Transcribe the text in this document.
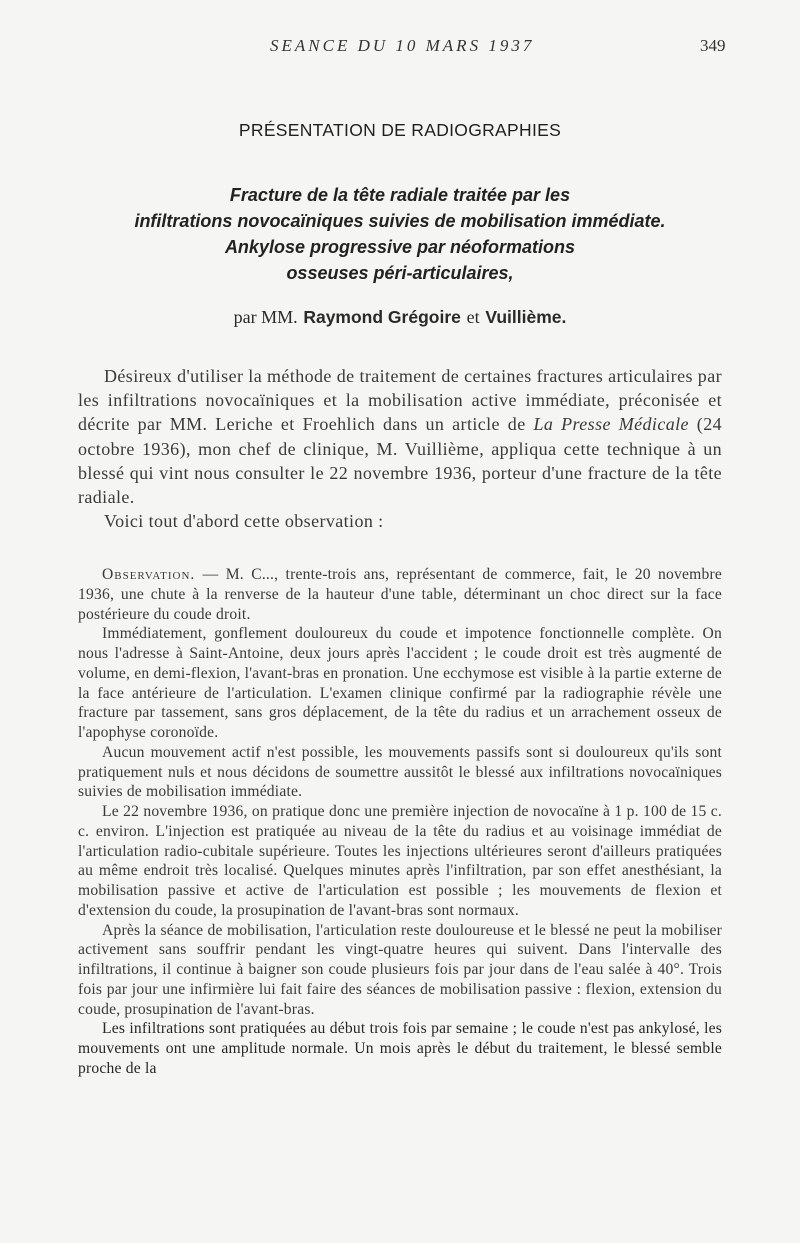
SEANCE DU 10 MARS 1937	349
PRÉSENTATION DE RADIOGRAPHIES
Fracture de la tête radiale traitée par les
infiltrations novocaïniques suivies de mobilisation immédiate.
Ankylose progressive par néoformations
osseuses péri-articulaires,
par MM. Raymond Grégoire et Vuillième.

Désireux d'utiliser la méthode de traitement de certaines fractures articulaires par les infiltrations novocaïniques et la mobilisation active immédiate, préconisée et décrite par MM. Leriche et Froehlich dans un article de La Presse Médicale (24 octobre 1936), mon chef de clinique, M. Vuillième, appliqua cette technique à un blessé qui vint nous consulter le 22 novembre 1936, porteur d'une fracture de la tête radiale.

Voici tout d'abord cette observation :

Observation. — M. C..., trente-trois ans, représentant de commerce, fait, le 20 novembre 1936, une chute à la renverse de la hauteur d'une table, déterminant un choc direct sur la face postérieure du coude droit.

Immédiatement, gonflement douloureux du coude et impotence fonctionnelle complète. On nous l'adresse à Saint-Antoine, deux jours après l'accident ; le coude droit est très augmenté de volume, en demi-flexion, l'avant-bras en pronation. Une ecchymose est visible à la partie externe de la face antérieure de l'articulation. L'examen clinique confirmé par la radiographie révèle une fracture par tassement, sans gros déplacement, de la tête du radius et un arrachement osseux de l'apophyse coronoïde.

Aucun mouvement actif n'est possible, les mouvements passifs sont si douloureux qu'ils sont pratiquement nuls et nous décidons de soumettre aussitôt le blessé aux infiltrations novocaïniques suivies de mobilisation immédiate.

Le 22 novembre 1936, on pratique donc une première injection de novocaïne à 1 p. 100 de 15 c. c. environ. L'injection est pratiquée au niveau de la tête du radius et au voisinage immédiat de l'articulation radio-cubitale supérieure. Toutes les injections ultérieures seront d'ailleurs pratiquées au même endroit très localisé. Quelques minutes après l'infiltration, par son effet anesthésiant, la mobilisation passive et active de l'articulation est possible ; les mouvements de flexion et d'extension du coude, la prosupination de l'avant-bras sont normaux.

Après la séance de mobilisation, l'articulation reste douloureuse et le blessé ne peut la mobiliser activement sans souffrir pendant les vingt-quatre heures qui suivent. Dans l'intervalle des infiltrations, il continue à baigner son coude plusieurs fois par jour dans de l'eau salée à 40°. Trois fois par jour une infirmière lui fait faire des séances de mobilisation passive : flexion, extension du coude, prosupination de l'avant-bras.

Les infiltrations sont pratiquées au début trois fois par semaine ; le coude n'est pas ankylosé, les mouvements ont une amplitude normale. Un mois après le début du traitement, le blessé semble proche de la
